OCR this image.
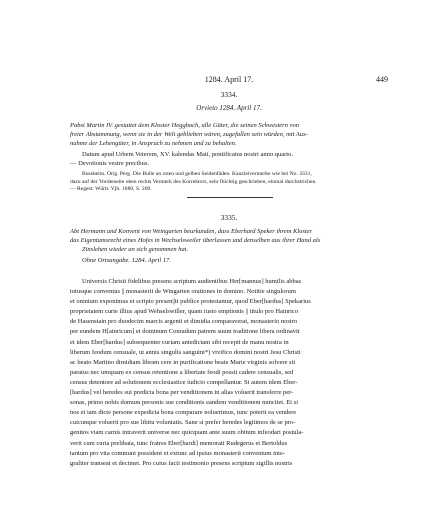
1284. April 17.	449
3334.
Orvieto 1284. April 17.
Pabst Martin IV. gestattet dem Kloster Heggbach, alle Güter, die seinen Schwestern von
freier Abstammung, wenn sie in der Welt geblieben wären, zugefallen sein würden, mit Aus-
nahme der Lehengüter, in Anspruch zu nehmen und zu behalten.
Datum apud Urbem Veterem, XV. kalendas Maii, pontificatus nostri anno quarto.
— Devotionis vestre precibus.
Bussbeim. Orig. Perg. Die Bulle an roten und gelben Seidenfäden. Kanzleivermerke wie bei No. 3331,
dazu auf der Vorderseite oben rechts Vermerk des Korrektors, sehr flüchtig geschrieben, einmal durchstrichen.
— Regest: Württ. Vjh. 1880, S. 209.
3335.
Abt Hermann und Konvent von Weingarten beurkunden, dass Eberhard Speker ihrem Kloster
das Eigentumsrecht eines Hofes in Wechselsweiler überlassen und denselben aus ihrer Hand als
Zinslehen wieder an sich genommen hat.
Ohne Ortsangabe. 1284. April 17.
Universis Christi fidelibus presens scriptum audientibus Her[mannus] humilis abbas
totusque conventus || monasterii de Wingarten orationes in domino. Notitie singulorum
et omnium exponimus et scripto presen||ti publice protestamur, quod Eber[hardus] Spekarius
proprietatem curie illius apud Wehselswiller, quam iusto emptionis || titulo pro Hainrico
de Hasenstain pro duodecim marcis argenti et dimidia comparaverat, monasterio nostro
per eundem H[ainricum] et dominum Conradum patrem suum traditione libera ordinavit
et idem Eber[hardus] subsequenter curiam antedictam sibi recepit de manu nostra in
liberum feodum censuale, ut annis singulis sanguini*) vivifico domini nostri Jesu Christi
ac beato Martino dimidiam libram cere in purificatione beate Marie virginis solvere sit
paratus nec umquam ex census retentione a libertate feodi possit cadere censualis, sed
census detentore ad solutionem ecclesiastice iudicio compellantur. Si autem idem Eber-
[hardus] vel heredes sui predicta bona per venditionem in alias voluerit transferre per-
sonas, primo nobis domum personis sue conditionis eandem venditionem nunctiet. Et si
nos et iam dicte persone expedicta bona comparare noluerimus, tunc poterit ea vendere
cuicunque voluerit pro sue libitu voluntatis. Sane si prefer heredes legitimos de se pro-
genitos viam carnis intraverit universe nec quicquam ante suum obitum infeodari postula-
verit cum curia prelibata, tunc fratres Eber[hardi] memorati Rudegerus et Bertoldus
tantum pro vita communi possident et extunc ad ipsius monasterii conventum inte-
graliter transeat et decimet. Pro cuius facti testimonio presens scriptum sigillis nostris
